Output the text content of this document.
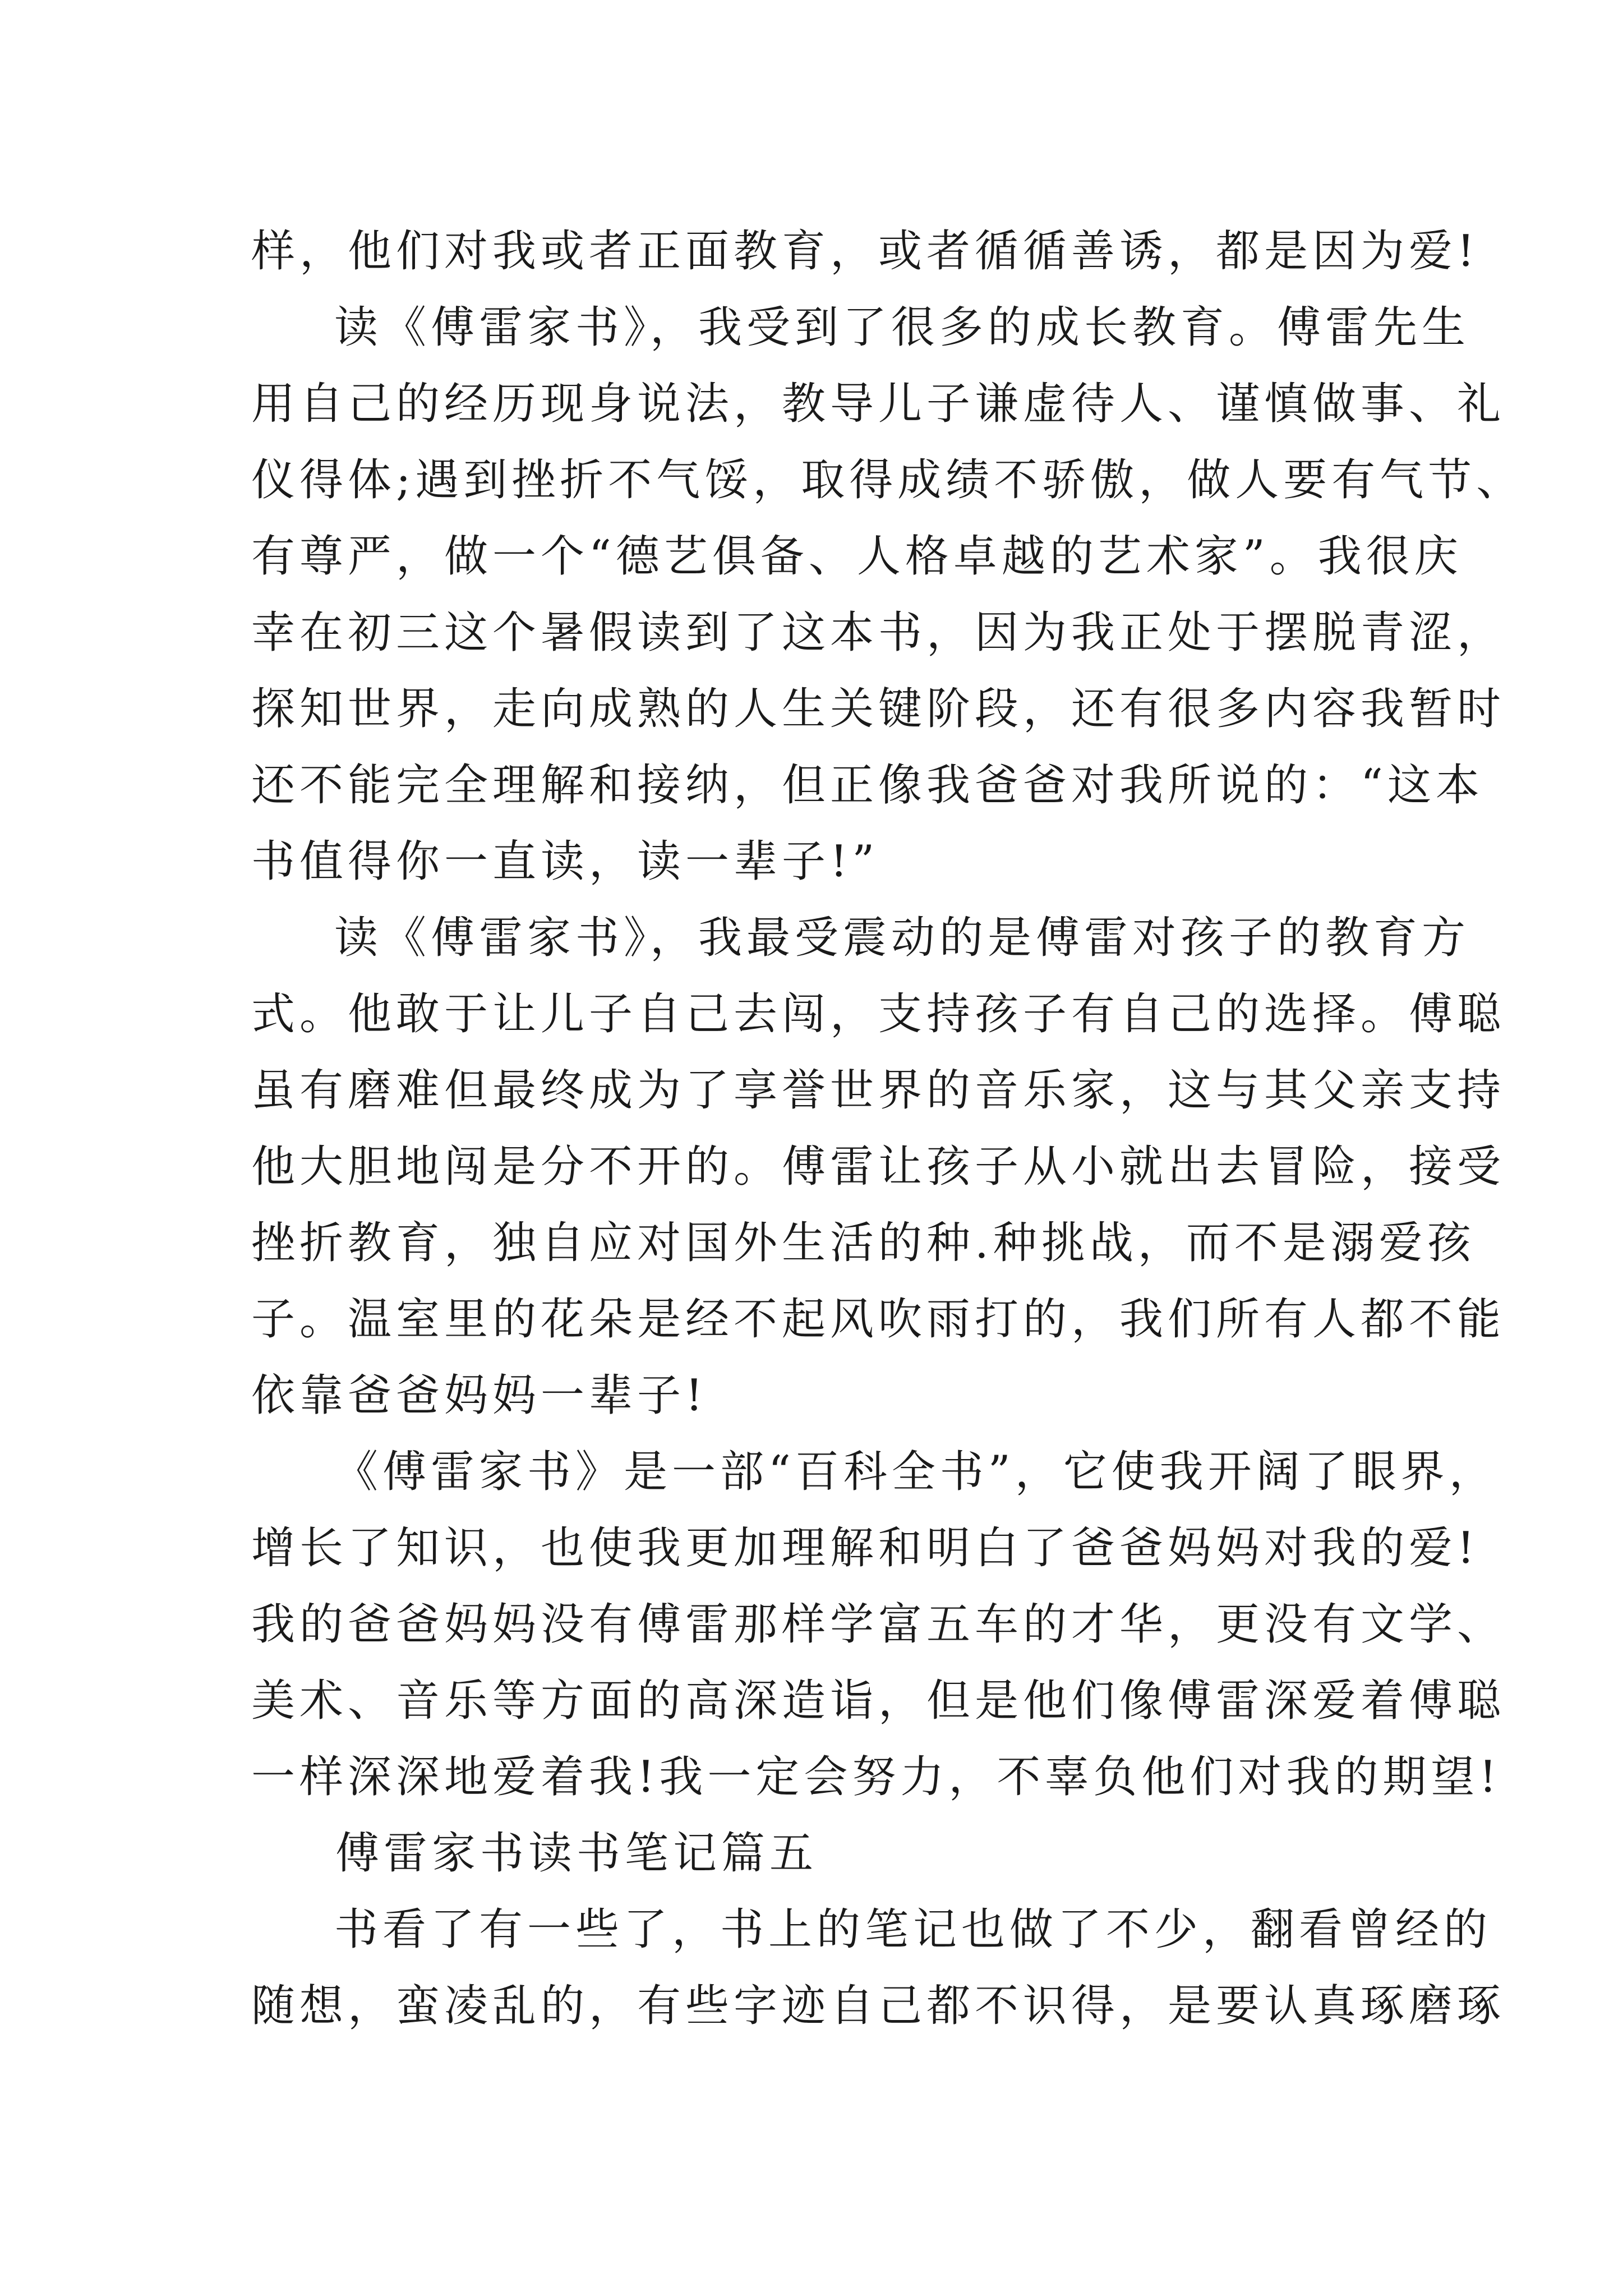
样，他们对我或者正面教育，或者循循善诱，都是因为爱!
读《傅雷家书》，我受到了很多的成长教育。傅雷先生
用自己的经历现身说法，教导儿子谦虚待人、谨慎做事、礼
仪得体;遇到挫折不气馁，取得成绩不骄傲，做人要有气节、
有尊严，做一个“德艺俱备、人格卓越的艺术家”。我很庆
幸在初三这个暑假读到了这本书，因为我正处于摆脱青涩，
探知世界，走向成熟的人生关键阶段，还有很多内容我暂时
还不能完全理解和接纳，但正像我爸爸对我所说的：“这本
书值得你一直读，读一辈子!”
读《傅雷家书》，我最受震动的是傅雷对孩子的教育方
式。他敢于让儿子自己去闯，支持孩子有自己的选择。傅聪
虽有磨难但最终成为了享誉世界的音乐家，这与其父亲支持
他大胆地闯是分不开的。傅雷让孩子从小就出去冒险，接受
挫折教育，独自应对国外生活的种.种挑战，而不是溺爱孩
子。温室里的花朵是经不起风吹雨打的，我们所有人都不能
依靠爸爸妈妈一辈子!
《傅雷家书》是一部“百科全书”，它使我开阔了眼界，
增长了知识，也使我更加理解和明白了爸爸妈妈对我的爱!
我的爸爸妈妈没有傅雷那样学富五车的才华，更没有文学、
美术、音乐等方面的高深造诣，但是他们像傅雷深爱着傅聪
一样深深地爱着我!我一定会努力，不辜负他们对我的期望!
傅雷家书读书笔记篇五
书看了有一些了，书上的笔记也做了不少，翻看曾经的
随想，蛮凌乱的，有些字迹自己都不识得，是要认真琢磨琢
